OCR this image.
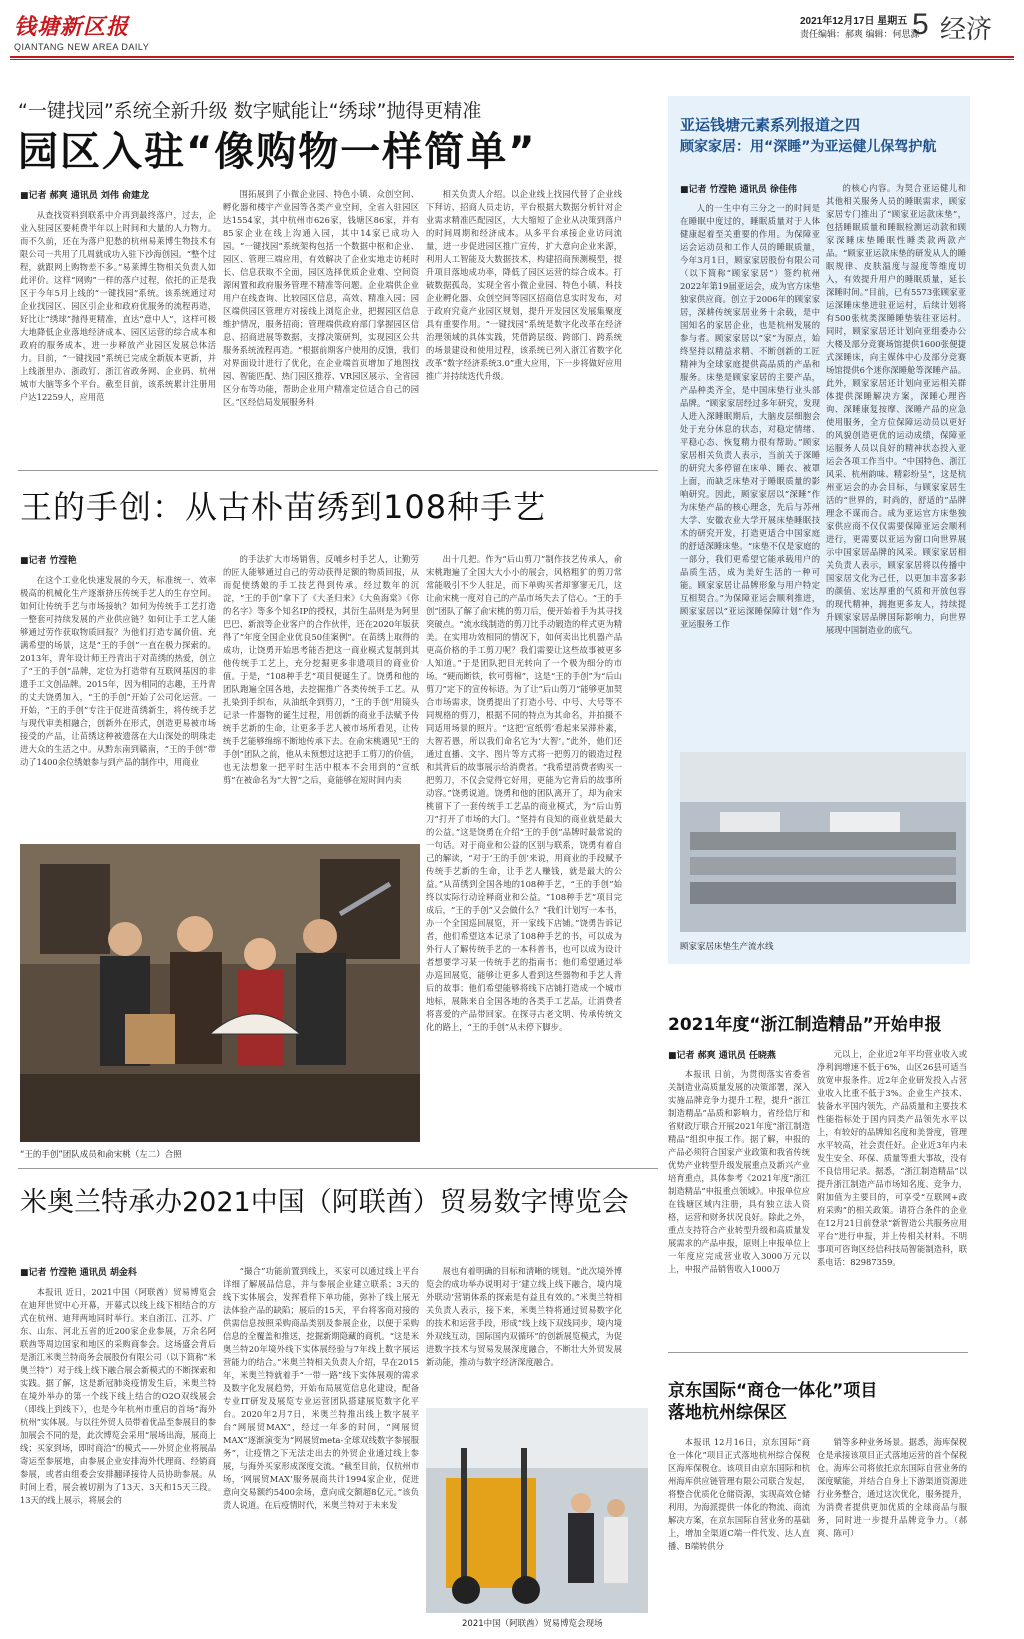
钱塘新区报
QIANTANG NEW AREA DAILY
2021年12月17日 星期五
责任编辑：郝爽 编辑：何思源
5 经济
“一键找园”系统全新升级 数字赋能让“绣球”抛得更精准
园区入驻“像购物一样简单”
■记者 郝爽 通讯员 刘伟 俞建龙

从查找资料到联系中介再到最终落户，过去，企业入驻园区要耗费半年以上时间和大量的人力物力。而不久前，还在为落户犯愁的杭州易莱博生物技术有限公司一共用了几周就成功入驻下沙海创园。“整个过程，就跟网上购物差不多。”易莱博生物相关负责人如此评价。这样“网购”一样的落户过程，依托的正是我区于今年5月上线的“一键找园”系统。该系统通过对企业找园区、园区引企业和政府优服务的流程再造，好比让“绣球”抛得更精准，直达“意中人”，这样可极大地降低企业落地经济成本、园区运营的综合成本和政府的服务成本，进一步释放产业园区发展总体活力。目前，“一键找园”系统已完成全新版本更新，并上线浙里办、浙政钉、浙江省政务网、企业码、杭州城市大脑等多个平台。截至目前，该系统累计注册用户达12259人，应用范

围拓展到了小微企业园、特色小镇、众创空间、孵化器和楼宇产业园等各类产业空间，全省入驻园区达1554家，其中杭州市626家，钱塘区86家，并有85家企业在线上沟通入园，其中14家已成功入园。“一键找园”系统架构包括一个数据中枢和企业、园区、管理三端应用，有效解决了企业实地走访耗时长、信息获取不全面，园区选择优质企业难、空间资源闲置和政府服务管理不精准等问题。企业端供企业用户在线查询、比较园区信息，高效、精准入园；园区端供园区管理方对接线上浏览企业，把握园区信息维护情况，服务招商；管理端供政府部门掌握园区信息、招商进展等数据，支撑决策研判，实现园区公共服务系统流程再造。“根据前期客户使用的反馈，我们对界面设计进行了优化，在企业端首页增加了地图找园、智能匹配、热门园区推荐、VR园区展示、全省园区分布等功能，帮助企业用户精准定位适合自己的园区。”区经信局发展服务科

相关负责人介绍。以企业线上找园代替了企业线下拜访、招商人员走访，平台根据大数据分析针对企业需求精准匹配园区，大大缩短了企业从决策到落户的时间周期和经济成本。从多平台承接企业访问流量，进一步促进园区推广宣传，扩大意向企业来源，利用人工智能及大数据技术，构建招商预测模型，提升项目落地成功率，降低了园区运营的综合成本。打破数据孤岛，实现全省小微企业园、特色小镇、科技企业孵化器、众创空间等园区招商信息实时发布，对于政府究竟产业园区规划，提升开发园区发展集聚度具有重要作用。“一键找园”系统是数字化改革在经济治理领域的具体实践，凭借跨层级、跨部门、跨系统的场景建设和使用过程，该系统已列入浙江省数字化改革“数字经济系统3.0”重大应用，下一步将做好应用推广并持续迭代升级。

王的手创：从古朴苗绣到108种手艺
■记者 竹滢艳

在这个工业化快速发展的今天，标准统一、效率极高的机械化生产逐渐挤压传统手艺人的生存空间。如何让传统手艺与市场接轨？如何为传统手工艺打造一整套可持续发展的产业供应链？如何让手工艺人能够通过劳作获取物质回报？为他们打造专属价值、充满希望的场景，这是“王的手创”一直在极力探索的。2013年，青年设计师王丹青出于对苗绣的热爱，创立了“王的手创”品牌，定位为打造带有互联网基因的非遗手工文创品牌。2015年，因为相同的志趣，王丹青的丈夫饶勇加入，“王的手创”开始了公司化运营。一开始，“王的手创”专注于促进苗绣新生，将传统手艺与现代审美相融合，创新外在形式，创造更易被市场接受的产品，让苗绣这种被遗落在大山深处的明珠走进大众的生活之中。从黔东南到赣南，“王的手创”带动了1400余位绣娘参与到产品的制作中，用商业

的手法扩大市场销售，反哺乡村手艺人，让勤劳的匠人能够通过自己的劳动获得足额的物质回报，从而促使绣娘的手工技艺得到传承。经过数年的沉淀，“王的手创”拿下了《大圣归来》《大鱼海棠》《你的名字》等多个知名IP的授权，其衍生品则是为阿里巴巴、新浪等企业客户的合作伙伴，还在2020年版获得了“年度全国企业优良50佳案例”。在苗绣上取得的成功，让饶勇开始思考能否把这一商业模式复制到其他传统手工艺上，充分挖掘更多非遗项目的商业价值。于是，“108种手艺”项目便诞生了。饶勇和他的团队跑遍全国各地，去挖掘推广各类传统手工艺。从扎染到手织布，从油纸伞到剪刀，“王的手创”用镜头记录一件器物的诞生过程，用创新的商业手法赋予传统手艺新的生命，让更多手艺人被市场所看见，让传统手艺能够绵绵不断地传承下去。在俞宋桃遇见“王的手创”团队之前，他从未预想过这把手工剪刀的价值，也无法想象一把平时生活中根本不会用到的“宣纸剪”在被命名为“大智”之后，竟能够在短时间内卖

出十几把。作为“后山剪刀”制作技艺传承人，俞宋桃跑遍了全国大大小小的展会，风格粗犷的剪刀常常能吸引不少人驻足，而下单购买者却寥寥无几，这让俞宋桃一度对自己的产品市场失去了信心。“王的手创”团队了解了俞宋桃的剪刀后，便开始着手为其寻找突破点。“流水线制造的剪刀比手动锻造的样式更为精美。在实用功效相同的情况下，如何卖出比机器产品更高价格的手工剪刀呢？我们需要让这些故事被更多人知道。”于是团队把目光转向了一个极为细分的市场。“硬而断铁，软可剪棉”，这是“王的手创”为“后山剪刀”定下的宣传标语。为了让“后山剪刀”能够更加契合市场需求，饶勇提出了打造小号、中号、大号等不同规格的剪刀，根据不同的特点为其命名，并拍摄不同适用场景的照片。“这把‘宣纸剪’看起来呆滞朴素，大智若愚，所以我们命名它为‘大智’。”此外，他们还通过直播、文字、图片等方式将一把剪刀的锻造过程和其背后的故事展示给消费者。“我希望消费者购买一把剪刀，不仅会觉得它好用，更能为它背后的故事所动容。”饶勇说道。饶勇和他的团队离开了，却为俞宋桃留下了一套传统手工艺品的商业模式，为“后山剪刀”打开了市场的大门。“坚持有良知的商业就是最大的公益。”这是饶勇在介绍“王的手创”品牌时最常说的一句话。对于商业和公益的区别与联系，饶勇有着自己的解读，“对于‘王的手创’来说，用商业的手段赋予传统手艺新的生命，让手艺人赚钱，就是最大的公益。”从苗绣到全国各地的108种手艺，“王的手创”始终以实际行动诠释商业和公益。“108种手艺”项目完成后，“王的手创”又会做什么？“我们计划写一本书，办一个全国巡回展览，开一家线下店铺。”饶勇告诉记者，他们希望这本记录了108种手艺的书，可以成为外行人了解传统手艺的一本科普书，也可以成为设计者想要学习某一传统手艺的指南书；他们希望通过举办巡回展览，能够让更多人看到这些器物和手艺人背后的故事；他们希望能够将线下店铺打造成一个城市地标，展陈来自全国各地的各类手工艺品，让消费者将喜爱的产品带回家。在探寻古老文明、传承传统文化的路上，“王的手创”从未停下脚步。

“王的手创”团队成员和俞宋桃（左二）合照
米奥兰特承办2021中国（阿联酋）贸易数字博览会
■记者 竹滢艳 通讯员 胡金科

本报讯 近日，2021中国（阿联酋）贸易博览会在迪拜世贸中心开幕，开幕式以线上线下相结合的方式在杭州、迪拜两地同时举行。来自浙江、江苏、广东、山东、河北五省的近200家企业参展，万余名阿联酋等周边国家和地区的采购商参会。这场盛会背后是浙江米奥兰特商务会展股份有限公司（以下简称“米奥兰特”）对于线上线下融合展会新模式的不断探索和实践。据了解，这是新冠肺炎疫情发生后，米奥兰特在境外举办的第一个线下线上结合的O2O双线展会（即线上到线下），也是今年杭州市重启的首场“海外杭州”实体展。与以往外贸人员带着优品至参展目的参加展会不同的是，此次博览会采用“展场出海，展商上线；买家到场，即时商洽”的模式——外贸企业将展品寄运至参展地，由参展企业安排海外代理商、经销商参展，或者由组委会安排翻译接待人员协助参展。从时间上看，展会被切割为了13天、3天和15天三段。13天的线上展示，将展会的

“撮合”功能前置到线上，买家可以通过线上平台详细了解展品信息，并与参展企业建立联系；3天的线下实体展会，发挥看样下单功能，弥补了线上展无法体验产品的缺陷；展后的15天，平台将客商对接的供需信息按照采购商品类别及参展企业，以便于采购信息的全覆盖和推送，挖掘新期隐藏的商机。“这是米奥兰特20年境外线下实体展经验与7年线上数字展运营能力的结合。”米奥兰特相关负责人介绍，早在2015年，米奥兰特就着手“一带一路”线下实体展观的需求及数字化发展趋势，开始布局展览信息化建设，配备专业IT研发及展览专业运营团队搭建展览数字化平台。2020年2月7日，米奥兰特推出线上数字展平台“网展贸MAX”，经过一年多的时间，“网展贸MAX”逐渐演变为“网展贸meta-全球双线数字参展服务”，让疫情之下无法走出去的外贸企业通过线上参展，与海外买家形成深度交流。“截至目前，仅杭州市场，‘网展贸MAX’服务展商共计1994家企业，促进意向交易额约5400余场，意向成交额超8亿元。”该负责人说道。在后疫情时代，米奥兰特对于未来发

展也有着明确的目标和清晰的规划。“此次境外博览会的成功举办说明对于‘建立线上线下融合，境内境外联动’营销体系的探索是有益且有效的。”米奥兰特相关负责人表示，接下来，米奥兰特将通过贸易数字化的技术和运营手段，形成“线上线下双线同步，境内境外双线互动，国际国内双循环”的创新展览模式，为促进数字技术与贸易发展深度融合，不断壮大外贸发展新动能，推动与数字经济深度融合。

2021中国（阿联酋）贸易博览会现场
亚运钱塘元素系列报道之四
顾家家居：用“深睡”为亚运健儿保驾护航
■记者 竹滢艳 通讯员 徐佳伟

人的一生中有三分之一的时间是在睡眠中度过的，睡眠质量对于人体健康起着至关重要的作用。为保障亚运会运动员和工作人员的睡眠质量，今年3月1日，顾家家居股份有限公司（以下简称“顾家家居”）签约杭州2022年第19届亚运会，成为官方床垫独家供应商。创立于2006年的顾家家居，深耕传统家居业务十余载，是中国知名的家居企业，也是杭州发展的参与者。顾家家居以“家”为原点，始终坚持以精益求精、不断创新的工匠精神为全球家庭提供高品质的产品和服务。床垫是顾家家居的主要产品，产品种类齐全，是中国床垫行业头部品牌。“顾家家居经过多年研究，发现人进入深睡眠期后，大脑皮层细胞会处于充分休息的状态，对稳定情绪、平稳心态、恢复精力很有帮助。”顾家家居相关负责人表示，当前关于深睡的研究大多停留在床单、睡衣、被罩上面，而缺乏床垫对于睡眠质量的影响研究。因此，顾家家居以“深睡”作为床垫产品的核心理念，先后与苏州大学、安徽农业大学开展床垫睡眠技术的研究开发，打造更适合中国家庭的舒适深睡床垫。“床垫不仅是家庭的一部分，我们更希望它能承载用户的品质生活，成为美好生活的一种可能。顾家家居让品牌形象与用户特定互相契合。”为保障亚运会顺利推进，顾家家居以“亚运深睡保障计划”作为亚运服务工作

的核心内容。为契合亚运健儿和其他相关服务人员的睡眠需求，顾家家居专门推出了“顾家亚运款床垫”，包括睡眠质量和睡眠检测运动款和顾家深睡床垫睡眠性睡类款两款产品。“顾家亚运款床垫的研发从人的睡眠规律、皮肤温度与湿度等维度切入，有效提升用户的睡眠质量，延长深睡时间。”目前，已有5573张顾家亚运深睡床垫进驻亚运村，后续计划将有500张枕类深睡睡垫装往亚运村。同时，顾家家居还计划向亚组委办公大楼及部分竞赛场馆提供1600张便捷式深睡床，向主媒体中心及部分竞赛场馆提供6个迷你深睡舱等深睡产品。此外，顾家家居还计划向亚运相关群体提供深睡解决方案，深睡心理咨询、深睡康复按摩、深睡产品的应急使用服务，全方位保障运动员以更好的风貌创造更优的运动成绩，保障亚运服务人员以良好的精神状态投入亚运会各项工作当中。“中国特色、浙江风采、杭州韵味、精彩纷呈”，这是杭州亚运会的办会目标，与顾家家居生活的“世界的，时尚的，舒适的”品牌理念不谋而合。成为亚运官方床垫独家供应商不仅仅需要保障亚运会顺利进行，更需要以亚运为窗口向世界展示中国家居品牌的风采。顾家家居相关负责人表示，顾家家居将以传播中国家居文化为己任，以更加丰富多彩的颜值、宏达厚重的气质和开放包容的现代精神，拥抱更多友人，持续提升顾家家居品牌国际影响力，向世界展现中国制造业的底气。

顾家家居床垫生产流水线
2021年度“浙江制造精品”开始申报
■记者 郝爽 通讯员 任晓燕

本报讯 日前，为贯彻落实省委省关制造业高质量发展的决策部署，深入实施品牌竞争力提升工程，提升“浙江制造精品”品质和影响力，省经信厅和省财政厅联合开展2021年度“浙江制造精品”组织申报工作。据了解，申报的产品必须符合国家产业政策和我省传统优势产业转型升级发展重点及新兴产业培育重点，具体参考《2021年度“浙江制造精品”申报重点领域》。申报单位应在钱塘区域内注册，具有独立法人资格，运营和财务状况良好。除此之外，重点支持符合产业转型升级和高质量发展需求的产品申报，原则上申报单位上一年度应完成营业收入3000万元以上，申报产品销售收入1000万

元以上，企业近2年平均营业收入或净利润增速不低于6%，山区26县可适当放宽申报条件。近2年企业研发投入占营业收入比重不低于3%。企业生产技术、装备水平国内领先，产品质量和主要技术性能指标处于国内同类产品领先水平以上，有较好的品牌知名度和美誉度，管理水平较高，社会责任好。企业近3年内未发生安全、环保、质量等重大事故，没有不良信用记录。据悉，“浙江制造精品”以提升浙江制造产品市场知名度、竞争力，附加值为主要目的，可享受“互联网+政府采购”的相关政策。请符合条件的企业在12月21日前登录“新智造公共服务应用平台”进行申报，并上传相关材料。不明事项可咨询区经信科技局智能制造科，联系电话：82987359。

京东国际“商仓一体化”项目
落地杭州综保区

本报讯 12月16日，京东国际“商仓一体化”项目正式落地杭州综合保税区海库保税仓。该项目由京东国际和杭州海库供应链管理有限公司联合发起，将整合优质化仓储资源，实现高效仓储利用，为海派提供一体化的物流、商流解决方案，在京东国际自营业务的基础上，增加全渠道C端一件代发、达人直播、B端转供分

销等多种业务场景。据悉，海库保税仓是承接该项目正式落地运营的首个保税仓。海库公司将依托京东国际自营业务的深度赋能，并结合自身上下游渠道资源进行业务整合，通过这次优化，服务提升，为消费者提供更加优质的全球商品与服务，同时进一步提升品牌竞争力。（郝爽、陈可）
